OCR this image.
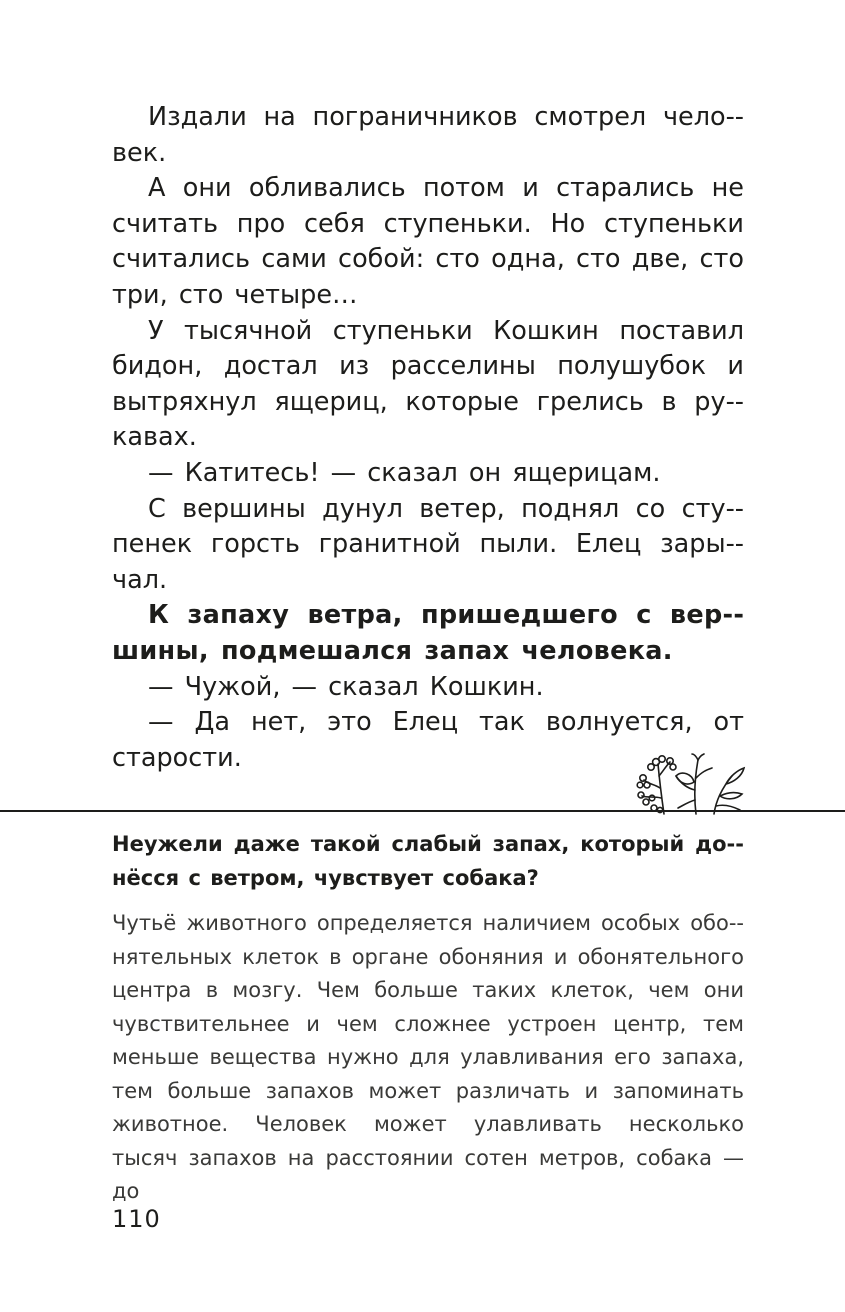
Издали на пограничников смотрел чело-век.

А они обливались потом и старались не считать про себя ступеньки. Но ступеньки считались сами собой: сто одна, сто две, сто три, сто четыре…

У тысячной ступеньки Кошкин поставил бидон, достал из расселины полушубок и вытряхнул ящериц, которые грелись в ру-кавах.

— Катитесь! — сказал он ящерицам.

С вершины дунул ветер, поднял со сту-пенек горсть гранитной пыли. Елец зары-чал.

К запаху ветра, пришедшего с вер-шины, подмешался запах человека.

— Чужой, — сказал Кошкин.

— Да нет, это Елец так волнуется, от старости.

Неужели даже такой слабый запах, который до-нёсся с ветром, чувствует собака?

Чутьё животного определяется наличием особых обо-нятельных клеток в органе обоняния и обонятельного центра в мозгу. Чем больше таких клеток, чем они чувствительнее и чем сложнее устроен центр, тем меньше вещества нужно для улавливания его запаха, тем больше запахов может различать и запоминать животное. Человек может улавливать несколько тысяч запахов на расстоянии сотен метров, собака — до

110
